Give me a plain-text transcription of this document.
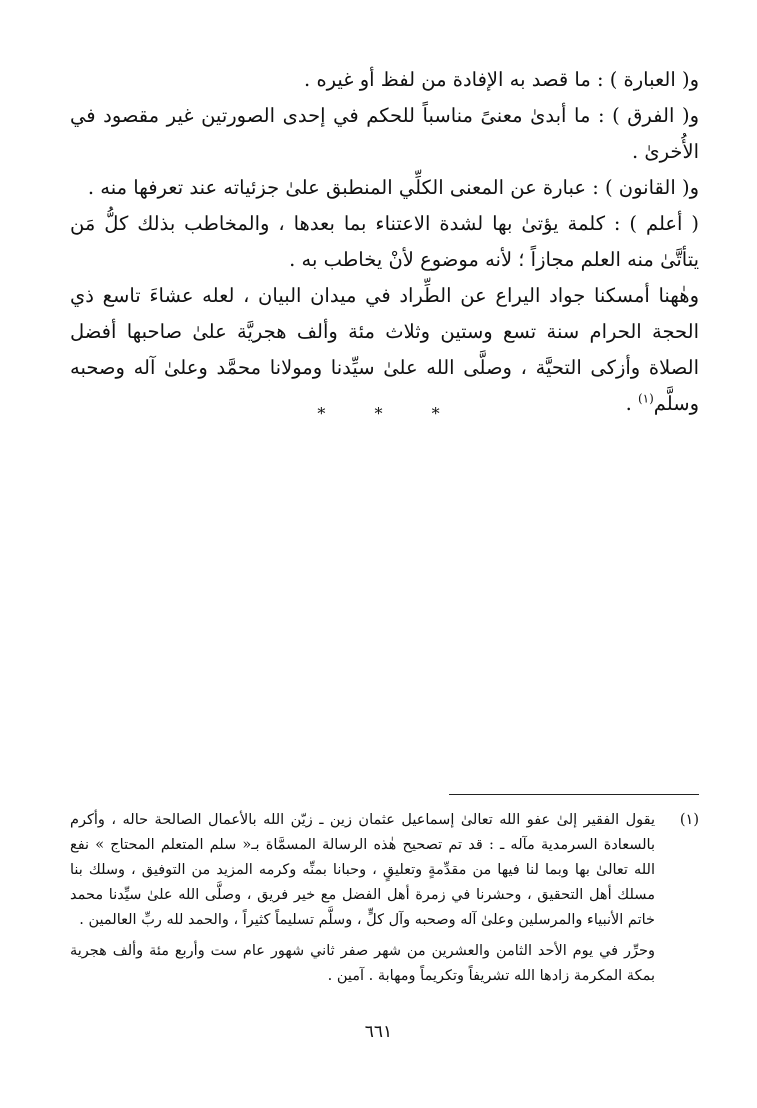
و( العبارة ) : ما قصد به الإفادة من لفظ أو غيره .

و( الفرق ) : ما أبدىٰ معنىً مناسباً للحكم في إحدى الصورتين غير مقصود في الأُخرىٰ .

و( القانون ) : عبارة عن المعنى الكلِّي المنطبق علىٰ جزئياته عند تعرفها منه .

( أعلم ) : كلمة يؤتىٰ بها لشدة الاعتناء بما بعدها ، والمخاطب بذلك كلُّ مَن يتأتَّىٰ منه العلم مجازاً ؛ لأنه موضوع لأنْ يخاطب به .

وهٰهنا أمسكنا جواد اليراع عن الطِّراد في ميدان البيان ، لعله عشاءَ تاسع ذي الحجة الحرام سنة تسع وستين وثلاث مئة وألف هجريَّة علىٰ صاحبها أفضل الصلاة وأزكى التحيَّة ، وصلَّى الله علىٰ سيِّدنا ومولانا محمَّد وعلىٰ آله وصحبه وسلَّم$^{(١)}$ .

* * *
(١)

يقول الفقير إلىٰ عفو الله تعالىٰ إسماعيل عثمان زين ـ زيّن الله بالأعمال الصالحة حاله ، وأكرم بالسعادة السرمدية مآله ـ : قد تم تصحيح هٰذه الرسالة المسمَّاة بـ« سلم المتعلم المحتاج » نفع الله تعالىٰ بها وبما لنا فيها من مقدِّمةٍ وتعليقٍ ، وحبانا بمنِّه وكرمه المزيد من التوفيق ، وسلك بنا مسلك أهل التحقيق ، وحشرنا في زمرة أهل الفضل مع خير فريق ، وصلَّى الله علىٰ سيِّدنا محمد خاتم الأنبياء والمرسلين وعلىٰ آله وصحبه وآل كلٍّ ، وسلَّم تسليماً كثيراً ، والحمد لله ربِّ العالمين .

وحرِّر في يوم الأحد الثامن والعشرين من شهر صفر ثاني شهور عام ست وأربع مئة وألف هجرية بمكة المكرمة زادها الله تشريفاً وتكريماً ومهابة . آمين .

٦٦١
